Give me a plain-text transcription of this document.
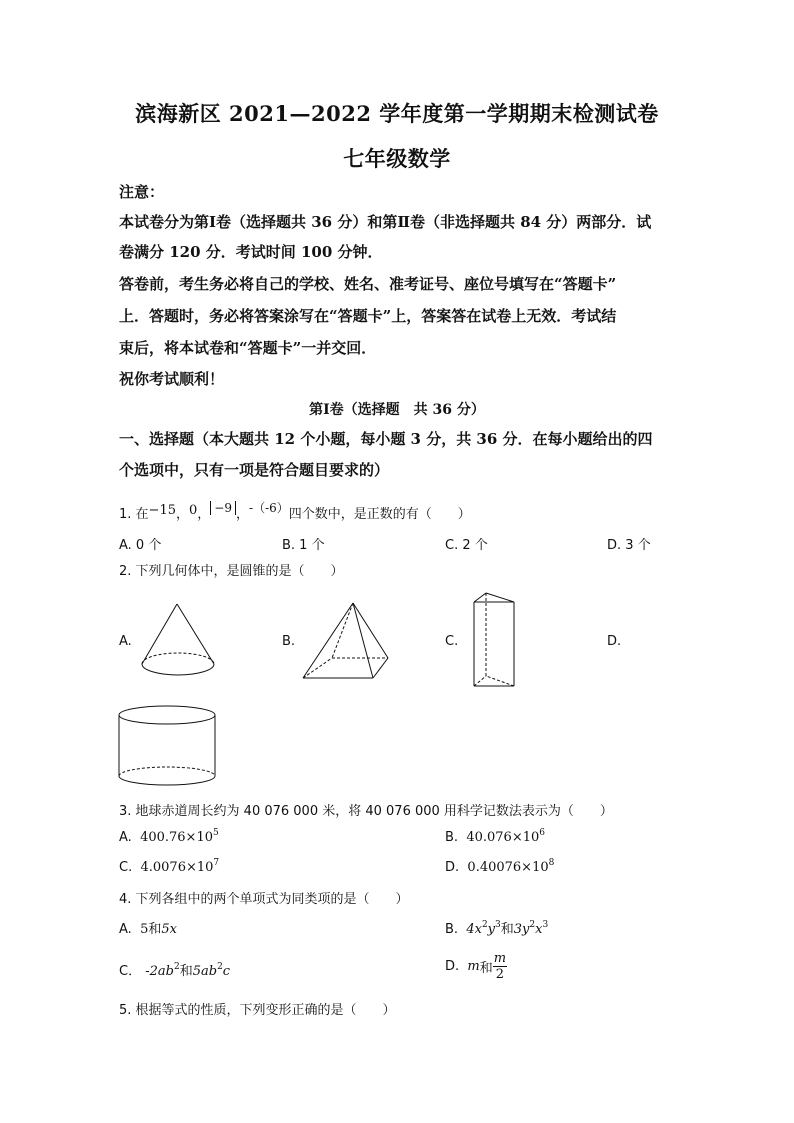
滨海新区 2021—2022 学年度第一学期期末检测试卷
七年级数学
注意：
本试卷分为第Ⅰ卷（选择题共 36 分）和第Ⅱ卷（非选择题共 84 分）两部分．试
卷满分 120 分．考试时间 100 分钟．
答卷前，考生务必将自己的学校、姓名、准考证号、座位号填写在“答题卡”
上．答题时，务必将答案涂写在“答题卡”上，答案答在试卷上无效．考试结
束后，将本试卷和“答题卡”一并交回．
祝你考试顺利！
第Ⅰ卷（选择题　共 36 分）
一、选择题（本大题共 12 个小题，每小题 3 分，共 36 分．在每小题给出的四
个选项中，只有一项是符合题目要求的）
1. 在−15，0， −9 ，-（-6）四个数中，是正数的有（　　）
A. 0 个	B. 1 个	C. 2 个	D. 3 个
2. 下列几何体中，是圆锥的是（　　）
A.	B.	C.	D.
3. 地球赤道周长约为 40 076 000 米，将 40 076 000 用科学记数法表示为（　　）
A. $400.76\times 10^5$	B. $40.076\times 10^6$
C. $4.0076\times 10^7$	D. $0.40076\times 10^8$
4. 下列各组中的两个单项式为同类项的是（　　）
A. 5和5x	B. $4x^2y^3$和$3y^2x^3$
C． $-2ab^2$和$5ab^2c$	D. m和 $\frac{m}{2}$
5. 根据等式的性质，下列变形正确的是（　　）
